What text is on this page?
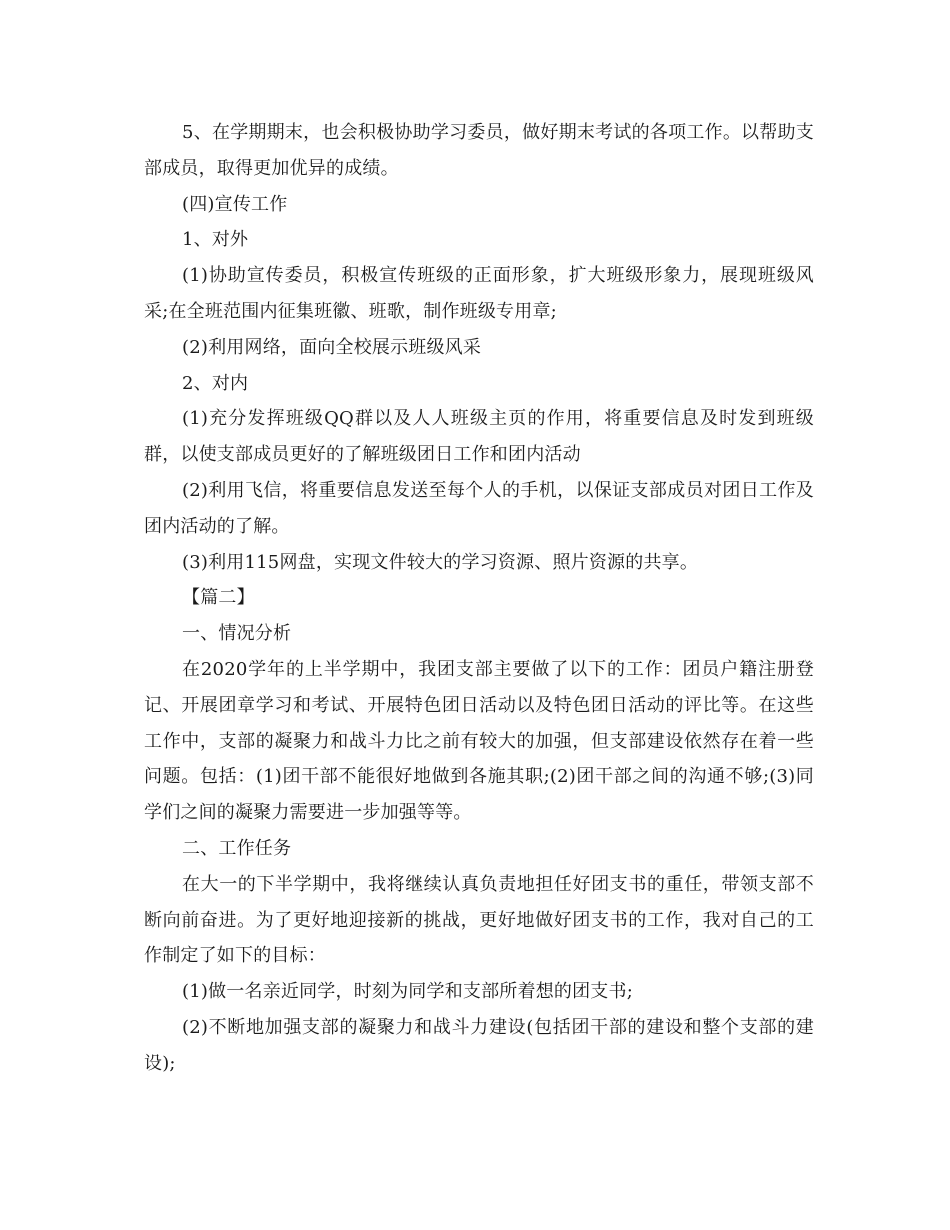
5、在学期期末，也会积极协助学习委员，做好期末考试的各项工作。以帮助支部成员，取得更加优异的成绩。

(四)宣传工作

1、对外

(1)协助宣传委员，积极宣传班级的正面形象，扩大班级形象力，展现班级风采;在全班范围内征集班徽、班歌，制作班级专用章;

(2)利用网络，面向全校展示班级风采

2、对内

(1)充分发挥班级QQ群以及人人班级主页的作用，将重要信息及时发到班级群，以使支部成员更好的了解班级团日工作和团内活动

(2)利用飞信，将重要信息发送至每个人的手机，以保证支部成员对团日工作及团内活动的了解。

(3)利用115网盘，实现文件较大的学习资源、照片资源的共享。

【篇二】

一、情况分析

在2020学年的上半学期中，我团支部主要做了以下的工作：团员户籍注册登记、开展团章学习和考试、开展特色团日活动以及特色团日活动的评比等。在这些工作中，支部的凝聚力和战斗力比之前有较大的加强，但支部建设依然存在着一些问题。包括：(1)团干部不能很好地做到各施其职;(2)团干部之间的沟通不够;(3)同学们之间的凝聚力需要进一步加强等等。

二、工作任务

在大一的下半学期中，我将继续认真负责地担任好团支书的重任，带领支部不断向前奋进。为了更好地迎接新的挑战，更好地做好团支书的工作，我对自己的工作制定了如下的目标：

(1)做一名亲近同学，时刻为同学和支部所着想的团支书;

(2)不断地加强支部的凝聚力和战斗力建设(包括团干部的建设和整个支部的建设);
